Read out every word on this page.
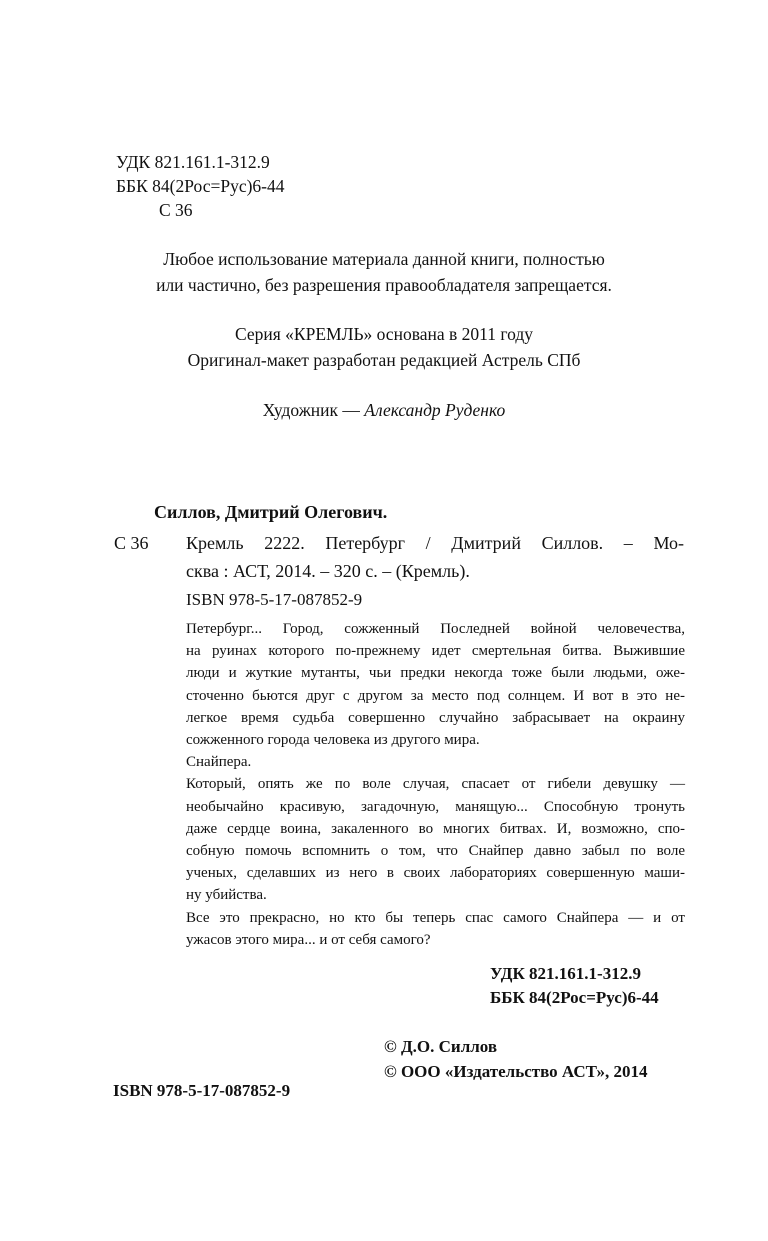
УДК 821.161.1-312.9
ББК 84(2Рос=Рус)6-44
С 36
Любое использование материала данной книги, полностью
или частично, без разрешения правообладателя запрещается.
Серия «КРЕМЛЬ» основана в 2011 году
Оригинал-макет разработан редакцией Астрель СПб
Художник — Александр Руденко
Силлов, Дмитрий Олегович.
С 36 Кремль 2222. Петербург / Дмитрий Силлов. – Мо-
сква : АСТ, 2014. – 320 с. – (Кремль).
ISBN 978-5-17-087852-9

Петербург... Город, сожженный Последней войной человечества,
на руинах которого по-прежнему идет смертельная битва. Выжившие
люди и жуткие мутанты, чьи предки некогда тоже были людьми, оже-
сточенно бьются друг с другом за место под солнцем. И вот в это не-
легкое время судьба совершенно случайно забрасывает на окраину
сожженного города человека из другого мира.

Снайпера.

Который, опять же по воле случая, спасает от гибели девушку —
необычайно красивую, загадочную, манящую... Способную тронуть
даже сердце воина, закаленного во многих битвах. И, возможно, спо-
собную помочь вспомнить о том, что Снайпер давно забыл по воле
ученых, сделавших из него в своих лабораториях совершенную маши-
ну убийства.

Все это прекрасно, но кто бы теперь спас самого Снайпера — и от
ужасов этого мира... и от себя самого?

УДК 821.161.1-312.9
ББК 84(2Рос=Рус)6-44
© Д.О. Силлов
© ООО «Издательство АСТ», 2014
ISBN 978-5-17-087852-9
